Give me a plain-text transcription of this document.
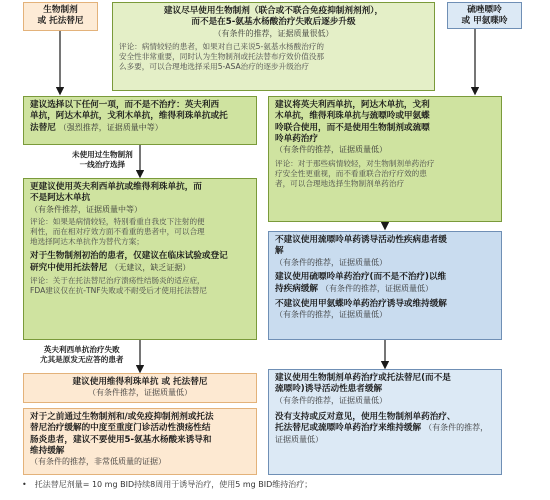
生物制剂
或 托法替尼
硫唑嘌呤
或 甲氨喋呤
建议尽早使用生物制剂（联合或不联合免疫抑制剂剂剂），
而不是在5-氨基水杨酸治疗失败后逐步升级
（有条件的推荐，证据质量很低）
评论：病情较轻的患者，如果对自己来说5-氨基水杨酸治疗的
安全性非常重要，同时认为生物制剂或托法替布疗效价值没那
么多要，可以合理地选择采用5-ASA治疗的逐步升级治疗
建议选择以下任何一项，而不是不治疗：英夫利西
单抗，阿达木单抗，戈利木单抗，维得利珠单抗或托
法替尼 （强烈推荐，证据质量中等）
未使用过生物制剂
一线治疗选择
更建议使用英夫利西单抗或维得利珠单抗，而
不是阿达木单抗
（有条件推荐，证据质量中等）
评论：如果是病情较轻，特别看重自我皮下注射的便
利性，而在相对疗效方面不看重的患者中，可以合理
地选择阿达木单抗作为替代方案；
对于生物制剂初治的患者，仅建议在临床试验或登记
研究中使用托法替尼 （无建议，缺乏证据）
评论：关于在托法替尼治疗溃疡性结肠炎的适应症，
FDA建议仅在抗-TNF失败或不耐受后才使用托法替尼
英夫利西单抗治疗失败
尤其是原发无应答的患者
建议使用维得利珠单抗 或 托法替尼
（有条件推荐，证据质量低）
对于之前通过生物制剂和/或免疫抑制剂剂或托法
替尼治疗缓解的中度至重度门诊活动性溃疡性结
肠炎患者，建议不要使用5-氨基水杨酸来诱导和
维持缓解
（有条件的推荐，非常低质量的证据）
建议将英夫利西单抗，阿达木单抗，戈利
木单抗，维得利珠单抗与巯嘌呤或甲氨蝶
呤联合使用，而不是使用生物制剂或巯嘌
呤单药治疗
（有条件的推荐，证据质量低）
评论：对于那些病情较轻，对生物制剂单药治疗
疗安全性更重视，而不看重联合治疗疗效的患
者，可以合理地选择生物制剂单药治疗
不建议使用巯嘌呤单药诱导活动性疾病患者缓
解
（有条件的推荐，证据质量低）
建议使用硫嘌呤单药治疗(而不是不治疗)以维
持疾病缓解 （有条件的推荐，证据质量低）
不建议使用甲氨蝶呤单药治疗诱导或维持缓解
（有条件的推荐，证据质量低）
建议使用生物制剂单药治疗或托法替尼(而不是
巯嘌呤)诱导活动性患者缓解 （有条件的推荐，证据质量低）
没有支持或反对意见，使用生物制剂单药治疗、
托法替尼或巯嘌呤单药治疗来维持缓解 （有条件的推荐，证据质量低）
•　托法替尼剂量= 10 mg BID持续8周用于诱导治疗，使用5 mg BID维持治疗；
